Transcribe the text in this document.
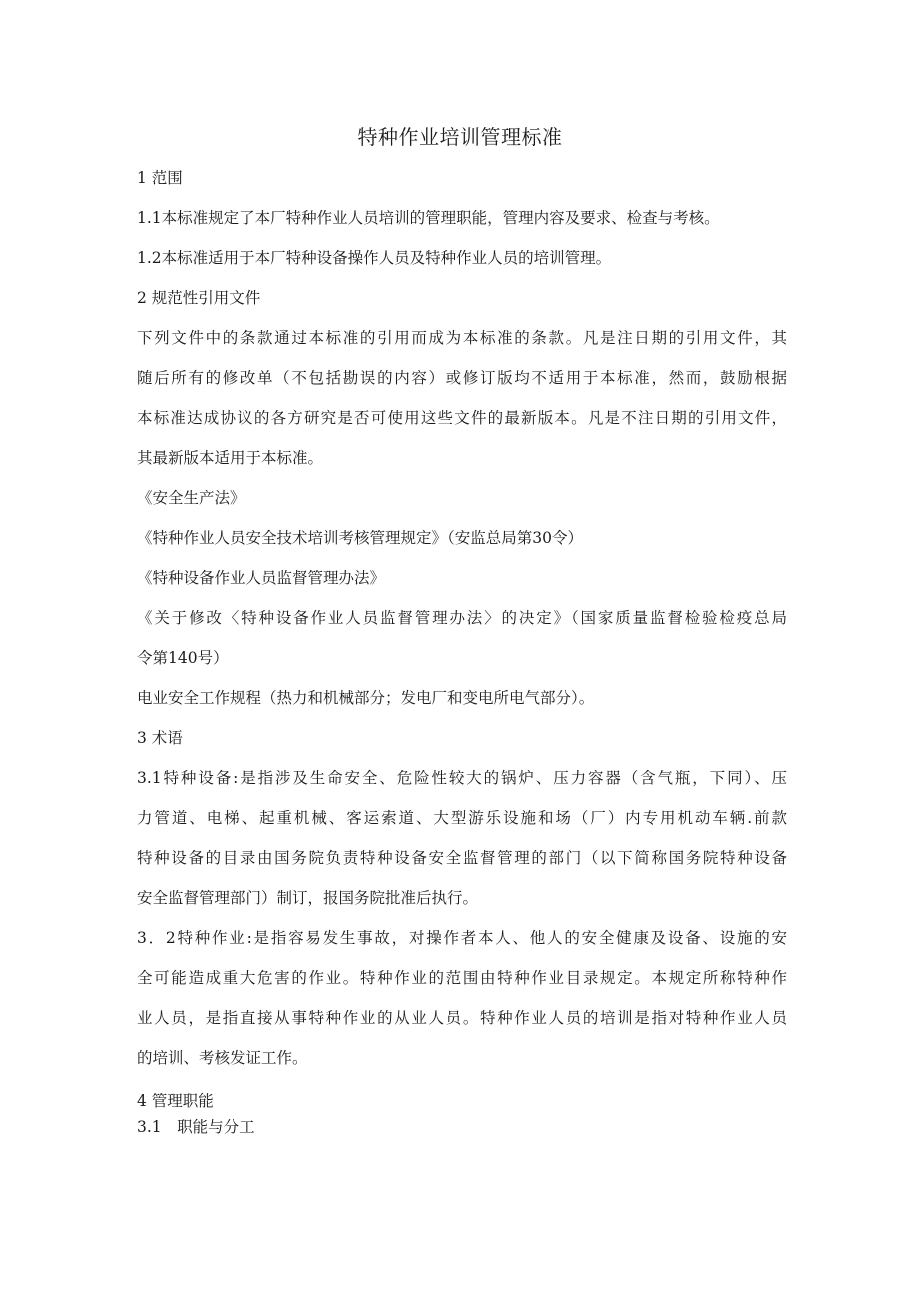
特种作业培训管理标准

1 范围

1.1本标准规定了本厂特种作业人员培训的管理职能，管理内容及要求、检查与考核。

1.2本标准适用于本厂特种设备操作人员及特种作业人员的培训管理。

2 规范性引用文件

下列文件中的条款通过本标准的引用而成为本标准的条款。凡是注日期的引用文件，其

随后所有的修改单（不包括勘误的内容）或修订版均不适用于本标准，然而，鼓励根据

本标准达成协议的各方研究是否可使用这些文件的最新版本。凡是不注日期的引用文件，

其最新版本适用于本标准。

《安全生产法》

《特种作业人员安全技术培训考核管理规定》（安监总局第30令）

《特种设备作业人员监督管理办法》

《关于修改〈特种设备作业人员监督管理办法〉的决定》（国家质量监督检验检疫总局

令第140号）

电业安全工作规程（热力和机械部分；发电厂和变电所电气部分）。

3 术语

3.1特种设备:是指涉及生命安全、危险性较大的锅炉、压力容器（含气瓶，下同）、压

力管道、电梯、起重机械、客运索道、大型游乐设施和场（厂）内专用机动车辆.前款

特种设备的目录由国务院负责特种设备安全监督管理的部门（以下简称国务院特种设备

安全监督管理部门）制订，报国务院批准后执行。

3．2特种作业:是指容易发生事故，对操作者本人、他人的安全健康及设备、设施的安

全可能造成重大危害的作业。特种作业的范围由特种作业目录规定。本规定所称特种作

业人员，是指直接从事特种作业的从业人员。特种作业人员的培训是指对特种作业人员

的培训、考核发证工作。

4 管理职能

3.1　职能与分工
